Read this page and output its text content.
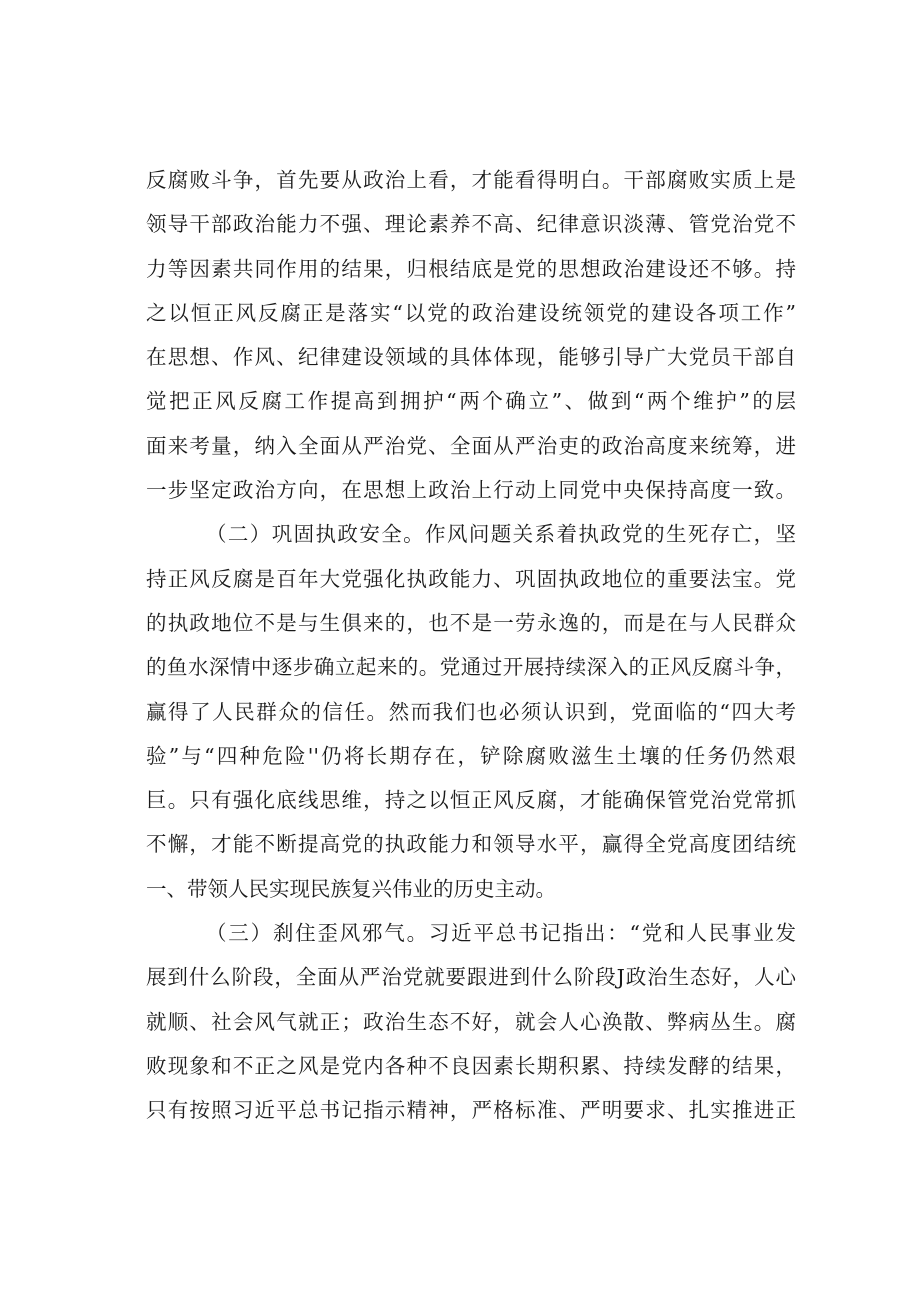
反腐败斗争，首先要从政治上看，才能看得明白。干部腐败实质上是
领导干部政治能力不强、理论素养不高、纪律意识淡薄、管党治党不
力等因素共同作用的结果，归根结底是党的思想政治建设还不够。持
之以恒正风反腐正是落实“以党的政治建设统领党的建设各项工作”
在思想、作风、纪律建设领域的具体体现，能够引导广大党员干部自
觉把正风反腐工作提高到拥护“两个确立”、做到“两个维护”的层
面来考量，纳入全面从严治党、全面从严治吏的政治高度来统筹，进
一步坚定政治方向，在思想上政治上行动上同党中央保持高度一致。
（二）巩固执政安全。作风问题关系着执政党的生死存亡，坚
持正风反腐是百年大党强化执政能力、巩固执政地位的重要法宝。党
的执政地位不是与生俱来的，也不是一劳永逸的，而是在与人民群众
的鱼水深情中逐步确立起来的。党通过开展持续深入的正风反腐斗争，
赢得了人民群众的信任。然而我们也必须认识到，党面临的“四大考
验”与“四种危险''仍将长期存在，铲除腐败滋生土壤的任务仍然艰
巨。只有强化底线思维，持之以恒正风反腐，才能确保管党治党常抓
不懈，才能不断提高党的执政能力和领导水平，赢得全党高度团结统
一、带领人民实现民族复兴伟业的历史主动。
（三）刹住歪风邪气。习近平总书记指出：“党和人民事业发
展到什么阶段，全面从严治党就要跟进到什么阶段J政治生态好，人心
就顺、社会风气就正；政治生态不好，就会人心涣散、弊病丛生。腐
败现象和不正之风是党内各种不良因素长期积累、持续发酵的结果，
只有按照习近平总书记指示精神，严格标准、严明要求、扎实推进正
